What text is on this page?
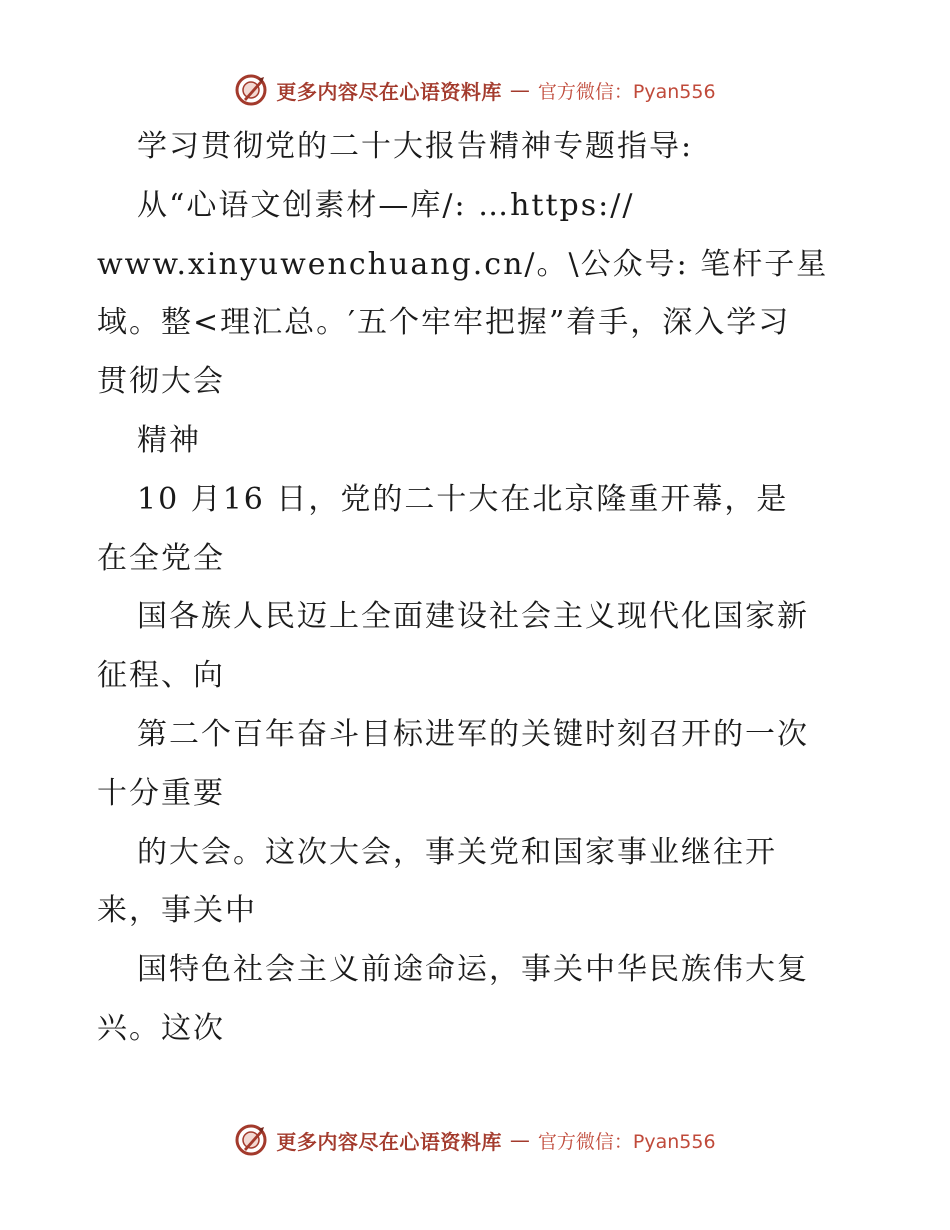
更多内容尽在心语资料库 — 官方微信：Pyan556
学习贯彻党的二十大报告精神专题指导:
从“心语文创素材—库/: …https://
www.xinyuwenchuang.cn/。\公众号: 笔杆子星
域。整<理汇总。′五个牢牢把握”着手，深入学习
贯彻大会
精神
10 月16 日，党的二十大在北京隆重开幕，是
在全党全
国各族人民迈上全面建设社会主义现代化国家新
征程、向
第二个百年奋斗目标进军的关键时刻召开的一次
十分重要
的大会。这次大会，事关党和国家事业继往开
来，事关中
国特色社会主义前途命运，事关中华民族伟大复
兴。这次
更多内容尽在心语资料库 — 官方微信：Pyan556
